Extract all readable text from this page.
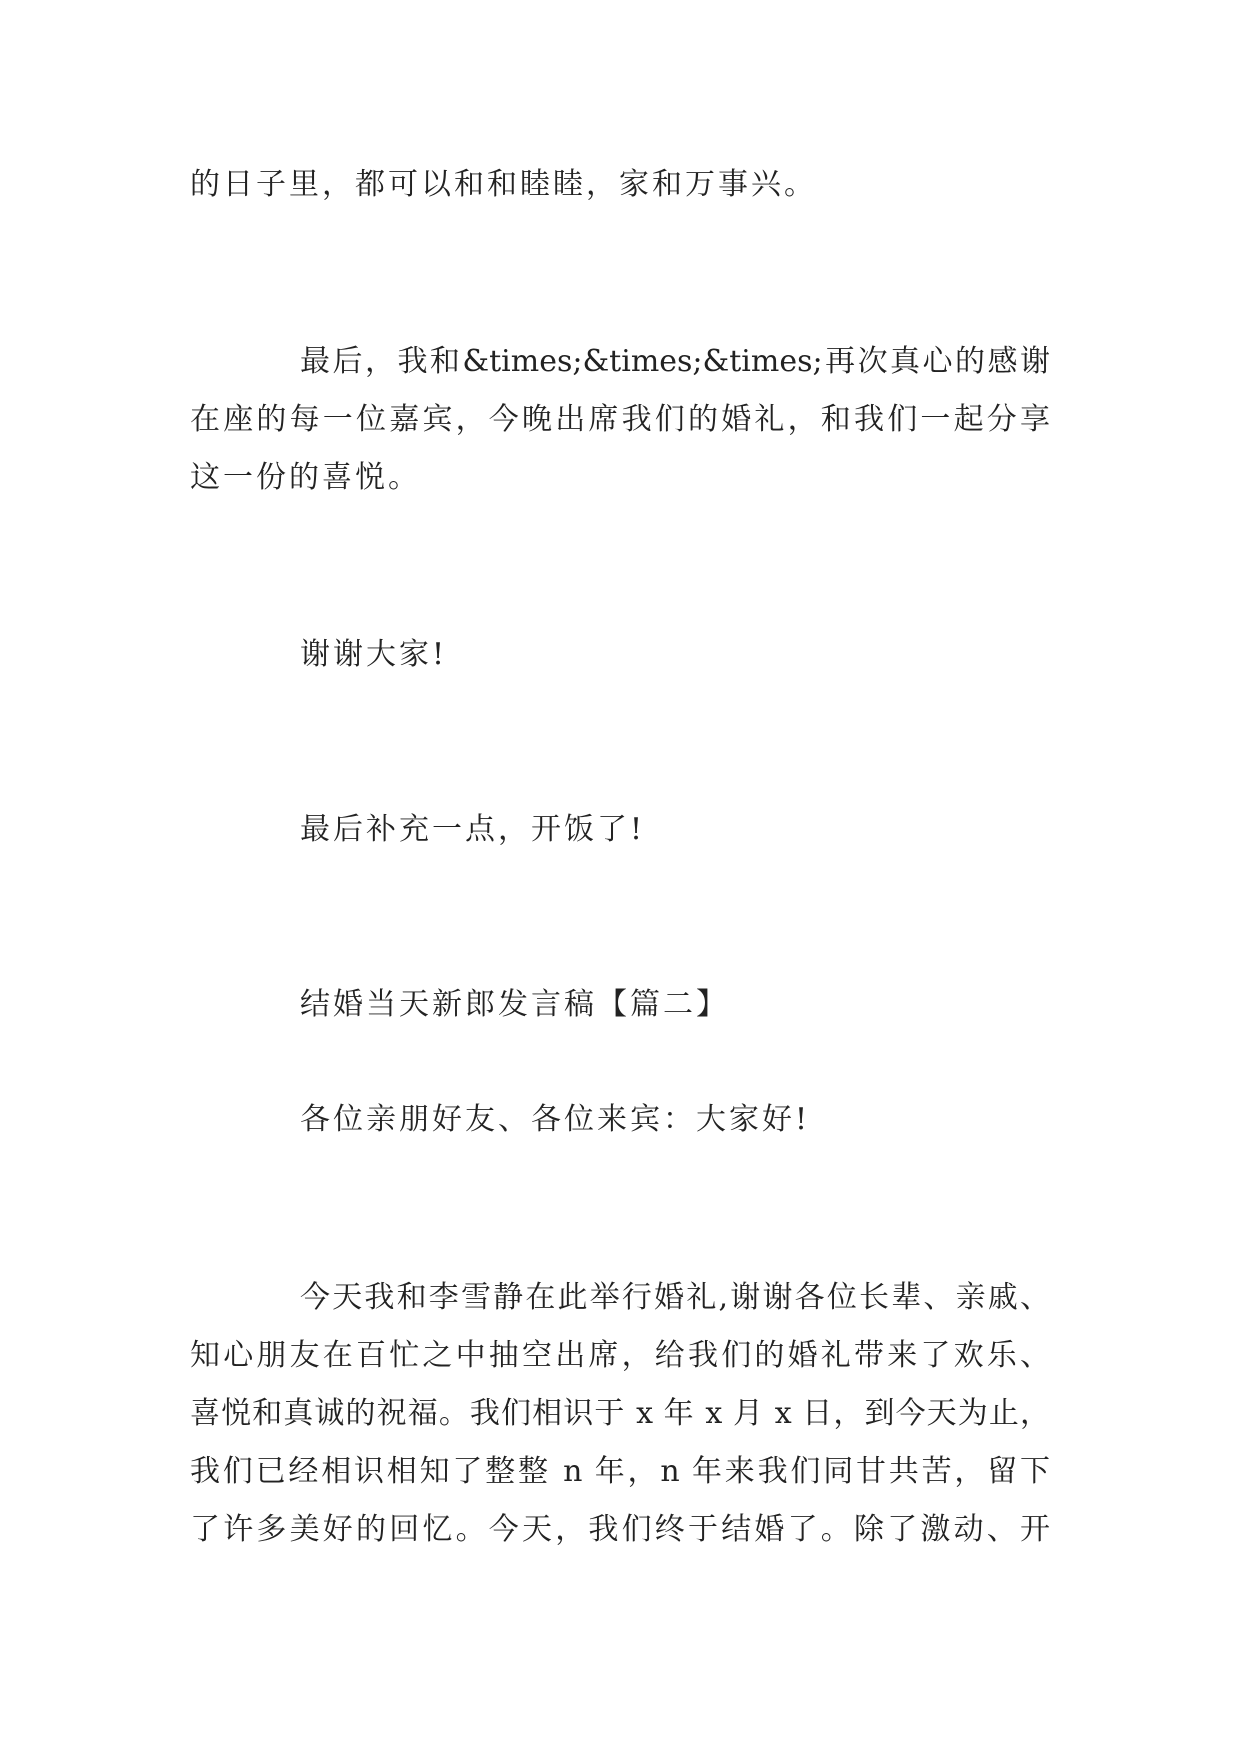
的日子里，都可以和和睦睦，家和万事兴。
最后，我和&times;&times;&times;再次真心的感谢
在座的每一位嘉宾，今晚出席我们的婚礼，和我们一起分享
这一份的喜悦。
谢谢大家!
最后补充一点，开饭了!
结婚当天新郎发言稿【篇二】
各位亲朋好友、各位来宾：大家好!
今天我和李雪静在此举行婚礼,谢谢各位长辈、亲戚、
知心朋友在百忙之中抽空出席，给我们的婚礼带来了欢乐、
喜悦和真诚的祝福。我们相识于 x 年 x 月 x 日，到今天为止，
我们已经相识相知了整整 n 年，n 年来我们同甘共苦，留下
了许多美好的回忆。今天，我们终于结婚了。除了激动、开
